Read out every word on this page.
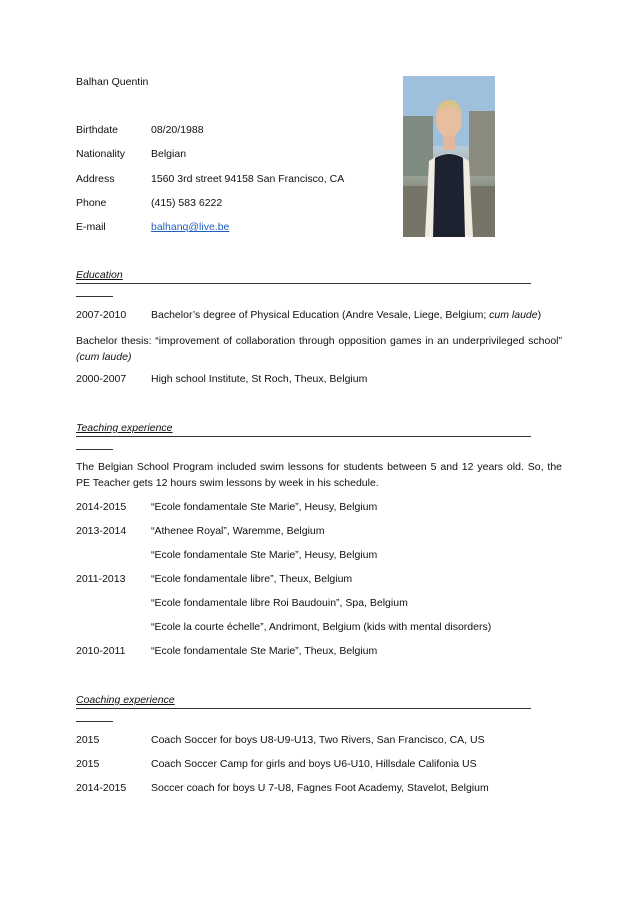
Balhan Quentin
Birthdate	08/20/1988
Nationality Belgian
Address	1560 3rd street 94158 San Francisco, CA
Phone	(415) 583 6222
E-mail	balhanq@live.be
Education
2007-2010 Bachelor’s degree of Physical Education (Andre Vesale, Liege, Belgium; cum laude)
Bachelor thesis: “improvement of collaboration through opposition games in an underprivileged school” (cum laude)
2000-2007 High school Institute, St Roch, Theux, Belgium
Teaching experience
The Belgian School Program included swim lessons for students between 5 and 12 years old. So, the PE Teacher gets 12 hours swim lessons by week in his schedule.
2014-2015 “Ecole fondamentale Ste Marie”, Heusy, Belgium
2013-2014 “Athenee Royal”, Waremme, Belgium
“Ecole fondamentale Ste Marie”, Heusy, Belgium
2011-2013 “Ecole fondamentale libre”, Theux, Belgium
“Ecole fondamentale libre Roi Baudouin”, Spa, Belgium
“Ecole la courte échelle”, Andrimont, Belgium (kids with mental disorders)
2010-2011 “Ecole fondamentale Ste Marie”, Theux, Belgium
Coaching experience
2015	Coach Soccer for boys U8-U9-U13, Two Rivers, San Francisco, CA, US
2015	Coach Soccer Camp for girls and boys U6-U10, Hillsdale Califonia US
2014-2015 Soccer coach for boys U 7-U8, Fagnes Foot Academy, Stavelot, Belgium
